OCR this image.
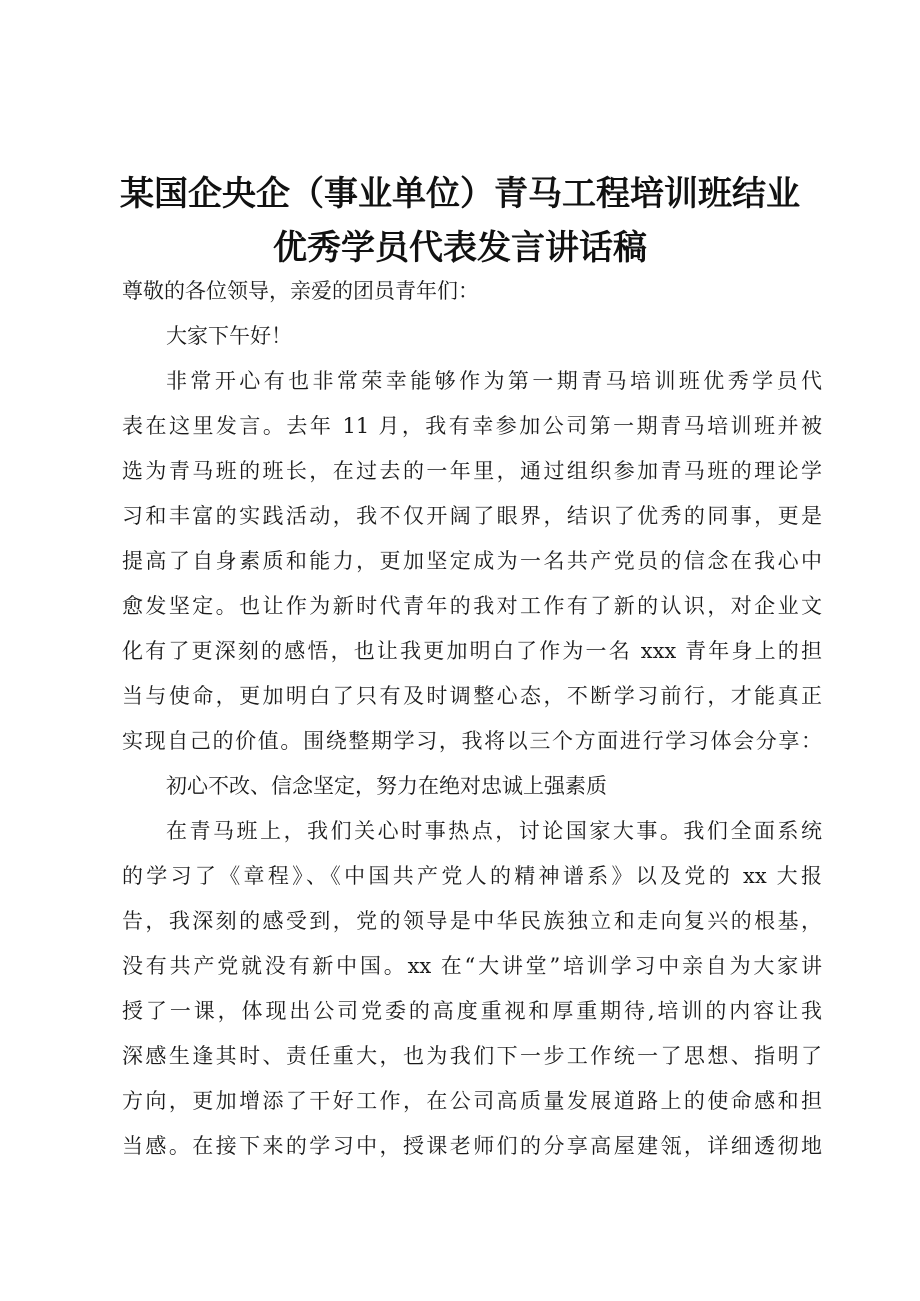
某国企央企（事业单位）青马工程培训班结业
优秀学员代表发言讲话稿
尊敬的各位领导，亲爱的团员青年们：
大家下午好！
非常开心有也非常荣幸能够作为第一期青马培训班优秀学员代
表在这里发言。去年 11 月，我有幸参加公司第一期青马培训班并被
选为青马班的班长，在过去的一年里，通过组织参加青马班的理论学
习和丰富的实践活动，我不仅开阔了眼界，结识了优秀的同事，更是
提高了自身素质和能力，更加坚定成为一名共产党员的信念在我心中
愈发坚定。也让作为新时代青年的我对工作有了新的认识，对企业文
化有了更深刻的感悟，也让我更加明白了作为一名 xxx 青年身上的担
当与使命，更加明白了只有及时调整心态，不断学习前行，才能真正
实现自己的价值。围绕整期学习，我将以三个方面进行学习体会分享：
初心不改、信念坚定，努力在绝对忠诚上强素质
在青马班上，我们关心时事热点，讨论国家大事。我们全面系统
的学习了《章程》、《中国共产党人的精神谱系》以及党的 xx 大报
告，我深刻的感受到，党的领导是中华民族独立和走向复兴的根基，
没有共产党就没有新中国。xx 在“大讲堂”培训学习中亲自为大家讲
授了一课，体现出公司党委的高度重视和厚重期待,培训的内容让我
深感生逢其时、责任重大，也为我们下一步工作统一了思想、指明了
方向，更加增添了干好工作，在公司高质量发展道路上的使命感和担
当感。在接下来的学习中，授课老师们的分享高屋建瓴，详细透彻地
